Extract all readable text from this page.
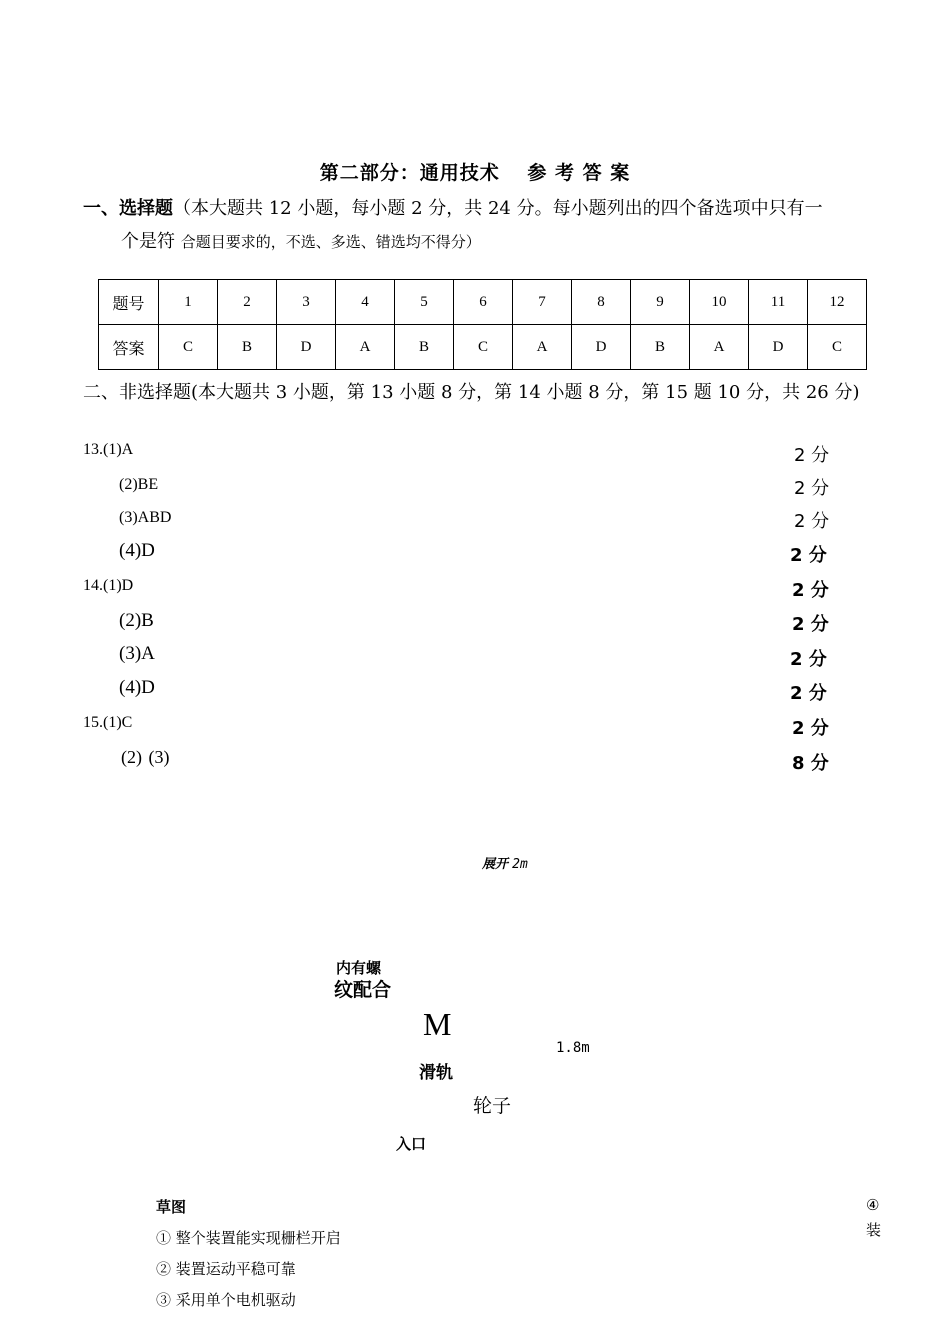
第二部分：通用技术　 参 考 答 案
一、选择题（本大题共 12 小题，每小题 2 分，共 24 分。每小题列出的四个备选项中只有一
个是符 合题目要求的，不选、多选、错选均不得分）
题号	1	2	3	4	5	6	7	8	9	10	11	12
答案	C	B	D	A	B	C	A	D	B	A	D	C
二、非选择题(本大题共 3 小题，第 13 小题 8 分，第 14 小题 8 分，第 15 题 10 分，共 26 分)
13.(1)A	2 分
(2)BE	2 分
(3)ABD	2 分
(4)D	2 分
14.(1)D	2 分
(2)B	2 分
(3)A	2 分
(4)D	2 分
15.(1)C	2 分
(2) (3)	8 分
展开 2m
内有螺
纹配合
M
1.8m
滑轨
轮子
入口
草图
① 整个装置能实现栅栏开启
② 装置运动平稳可靠
③ 采用单个电机驱动
④
装
